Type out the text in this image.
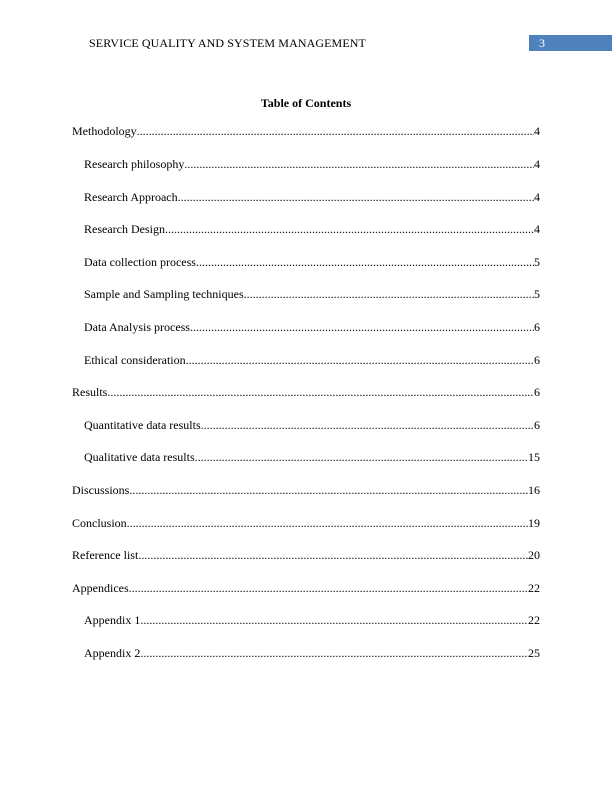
SERVICE QUALITY AND SYSTEM MANAGEMENT	3
Table of Contents
Methodology .....	4
Research philosophy .....	4
Research Approach .....	4
Research Design .....	4
Data collection process .....	5
Sample and Sampling techniques .....	5
Data Analysis process .....	6
Ethical consideration .....	6
Results .....	6
Quantitative data results .....	6
Qualitative data results .....	15
Discussions .....	16
Conclusion .....	19
Reference list .....	20
Appendices .....	22
Appendix 1 .....	22
Appendix 2 .....	25
